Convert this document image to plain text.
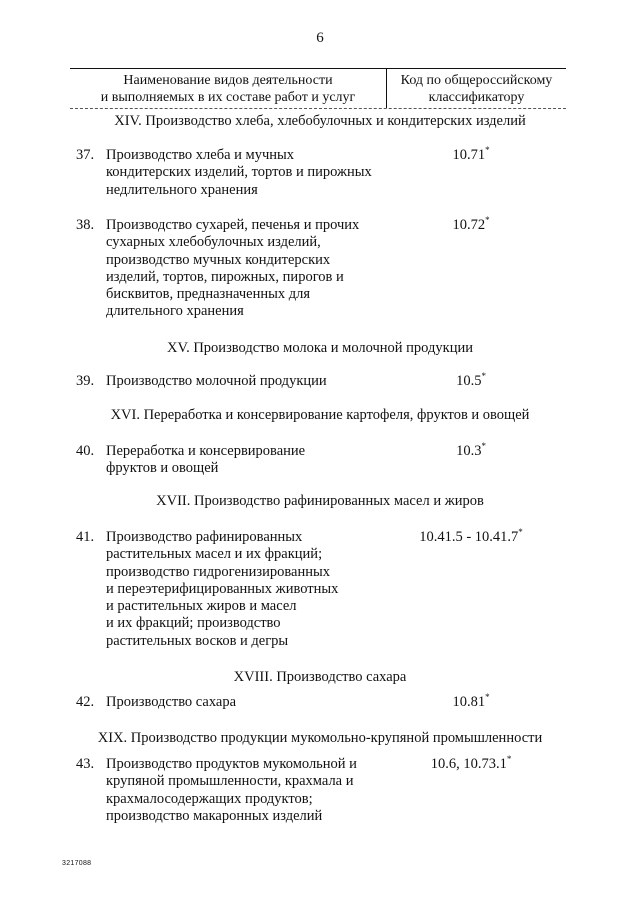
6
Наименование видов деятельности
и выполняемых в их составе работ и услуг
Код по общероссийскому
классификатору
XIV. Производство хлеба, хлебобулочных и кондитерских изделий
37. Производство хлеба и мучных
кондитерских изделий, тортов и пирожных
недлительного хранения
10.71*
38. Производство сухарей, печенья и прочих
сухарных хлебобулочных изделий,
производство мучных кондитерских
изделий, тортов, пирожных, пирогов и
бисквитов, предназначенных для
длительного хранения
10.72*
XV. Производство молока и молочной продукции
39. Производство молочной продукции	10.5*
XVI. Переработка и консервирование картофеля, фруктов и овощей
40. Переработка и консервирование
фруктов и овощей
10.3*
XVII. Производство рафинированных масел и жиров
41. Производство рафинированных
растительных масел и их фракций;
производство гидрогенизированных
и переэтерифицированных животных
и растительных жиров и масел
и их фракций; производство
растительных восков и дегры
10.41.5 - 10.41.7*
XVIII. Производство сахара
42. Производство сахара	10.81*
XIX. Производство продукции мукомольно-крупяной промышленности
43. Производство продуктов мукомольной и
крупяной промышленности, крахмала и
крахмалосодержащих продуктов;
производство макаронных изделий
10.6, 10.73.1*
3217088
